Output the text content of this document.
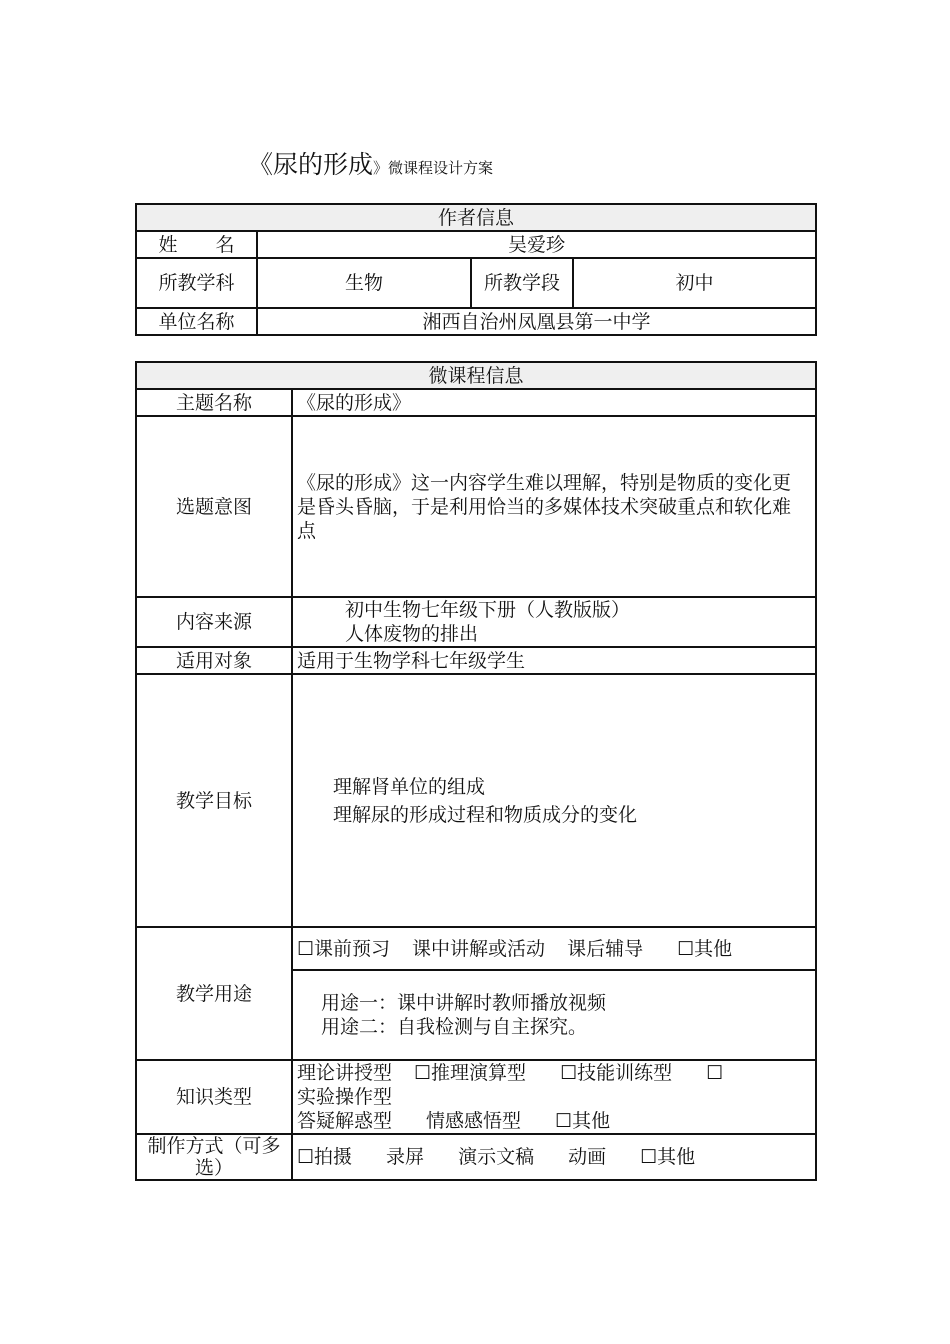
《尿的形成》微课程设计方案
作者信息			
姓　　名	吴爱珍		
所教学科	生物	所教学段	初中
单位名称	湘西自治州凤凰县第一中学		
微课程信息	
主题名称	《尿的形成》
选题意图	《尿的形成》这一内容学生难以理解，特别是物质的变化更是昏头昏脑，于是利用恰当的多媒体技术突破重点和软化难点
内容来源	初中生物七年级下册（人教版版）
人体废物的排出

适用对象	适用于生物学科七年级学生
教学目标	理解肾单位的组成
理解尿的形成过程和物质成分的变化

教学用途	☐课前预习 课中讲解或活动 课后辅导 ☐其他

	用途一：课中讲解时教师播放视频
用途二：自我检测与自主探究。

知识类型	理论讲授型 ☐推理演算型 ☐技能训练型 ☐
实验操作型
答疑解惑型 情感感悟型 ☐其他

制作方式（可多选）	☐拍摄 录屏 演示文稿 动画 ☐其他
